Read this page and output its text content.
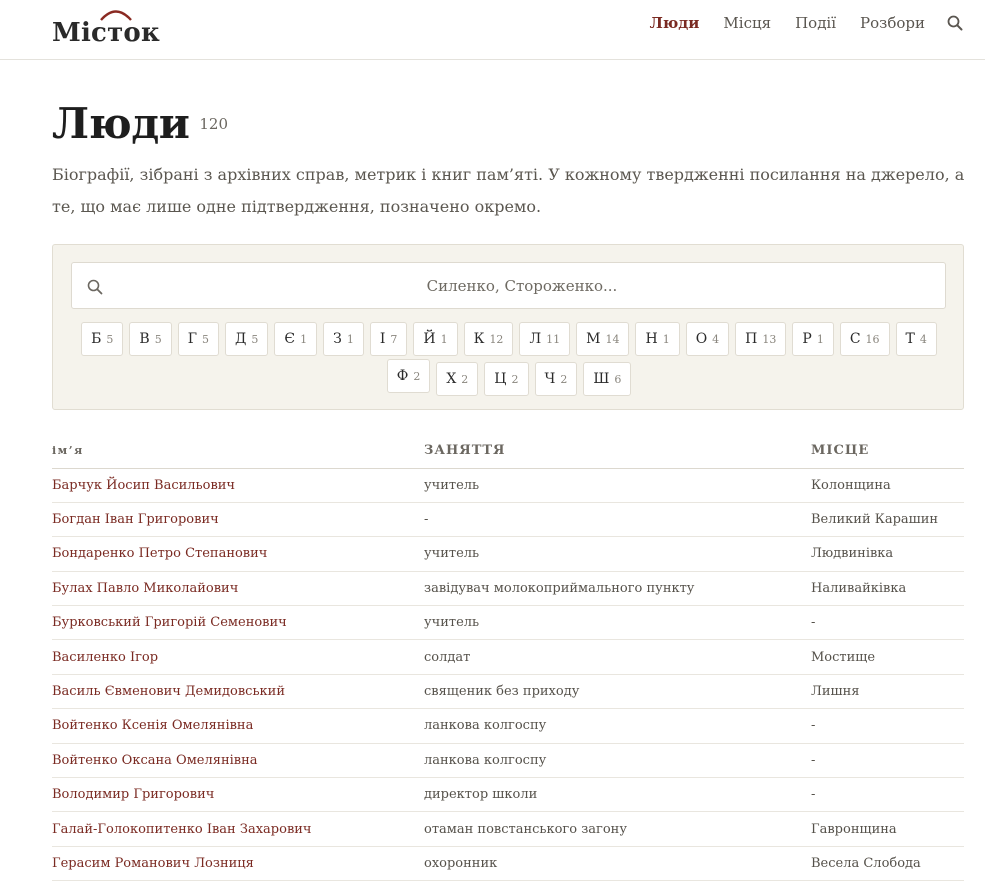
Місток	Люди Місця Події Розбори
Люди 120

Біографії, зібрані з архівних справ, метрик і книг пам’яті. У кожному твердженні посилання на джерело, а те, що має лише одне підтвердження, позначено окремо.

Силенко, Стороженко...
Б 5 В 5 Г 5 Д 5 Є 1 З 1 І 7 Й 1 К 12 Л 11 М 14 Н 1 О 4 П 13 Р 1 С 16 Т 4
Ф 2 Х 2 Ц 2 Ч 2 Ш 6
ім’я	ЗАНЯТТЯ	МІСЦЕ
Барчук Йосип Васильович	учитель	Колонщина
Богдан Іван Григорович	-	Великий Карашин
Бондаренко Петро Степанович	учитель	Людвинівка
Булах Павло Миколайович	завідувач молокоприймального пункту	Наливайківка
Бурковський Григорій Семенович	учитель	-
Василенко Ігор	солдат	Мостище
Василь Євменович Демидовський	священик без приходу	Лишня
Войтенко Ксенія Омелянівна	ланкова колгоспу	-
Войтенко Оксана Омелянівна	ланкова колгоспу	-
Володимир Григорович	директор школи	-
Галай-Голокопитенко Іван Захарович	отаман повстанського загону	Гавронщина
Герасим Романович Лозниця	охоронник	Весела Слобода
